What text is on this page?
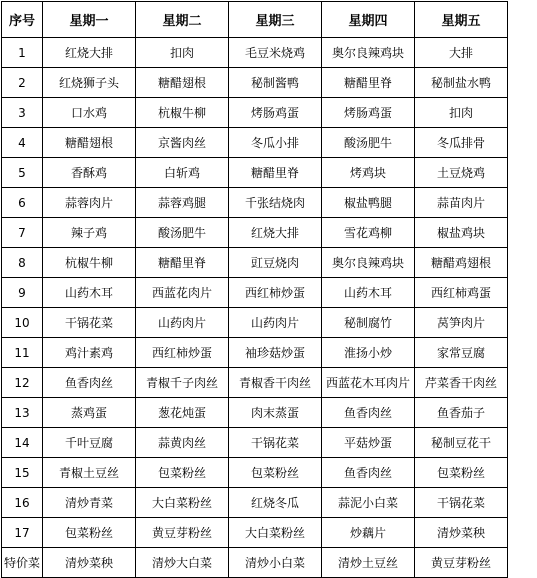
序号	星期一	星期二	星期三	星期四	星期五
1	红烧大排	扣肉	毛豆米烧鸡	奥尔良辣鸡块	大排
2	红烧狮子头	糖醋翅根	秘制酱鸭	糖醋里脊	秘制盐水鸭
3	口水鸡	杭椒牛柳	烤肠鸡蛋	烤肠鸡蛋	扣肉
4	糖醋翅根	京酱肉丝	冬瓜小排	酸汤肥牛	冬瓜排骨
5	香酥鸡	白斩鸡	糖醋里脊	烤鸡块	土豆烧鸡
6	蒜蓉肉片	蒜蓉鸡腿	千张结烧肉	椒盐鸭腿	蒜苗肉片
7	辣子鸡	酸汤肥牛	红烧大排	雪花鸡柳	椒盐鸡块
8	杭椒牛柳	糖醋里脊	豇豆烧肉	奥尔良辣鸡块	糖醋鸡翅根
9	山药木耳	西蓝花肉片	西红柿炒蛋	山药木耳	西红柿鸡蛋
10	干锅花菜	山药肉片	山药肉片	秘制腐竹	莴笋肉片
11	鸡汁素鸡	西红柿炒蛋	袖珍菇炒蛋	淮扬小炒	家常豆腐
12	鱼香肉丝	青椒千子肉丝	青椒香干肉丝	西蓝花木耳肉片	芹菜香干肉丝
13	蒸鸡蛋	葱花炖蛋	肉末蒸蛋	鱼香肉丝	鱼香茄子
14	千叶豆腐	蒜黄肉丝	干锅花菜	平菇炒蛋	秘制豆花干
15	青椒土豆丝	包菜粉丝	包菜粉丝	鱼香肉丝	包菜粉丝
16	清炒青菜	大白菜粉丝	红烧冬瓜	蒜泥小白菜	干锅花菜
17	包菜粉丝	黄豆芽粉丝	大白菜粉丝	炒藕片	清炒菜秧
特价菜	清炒菜秧	清炒大白菜	清炒小白菜	清炒土豆丝	黄豆芽粉丝
